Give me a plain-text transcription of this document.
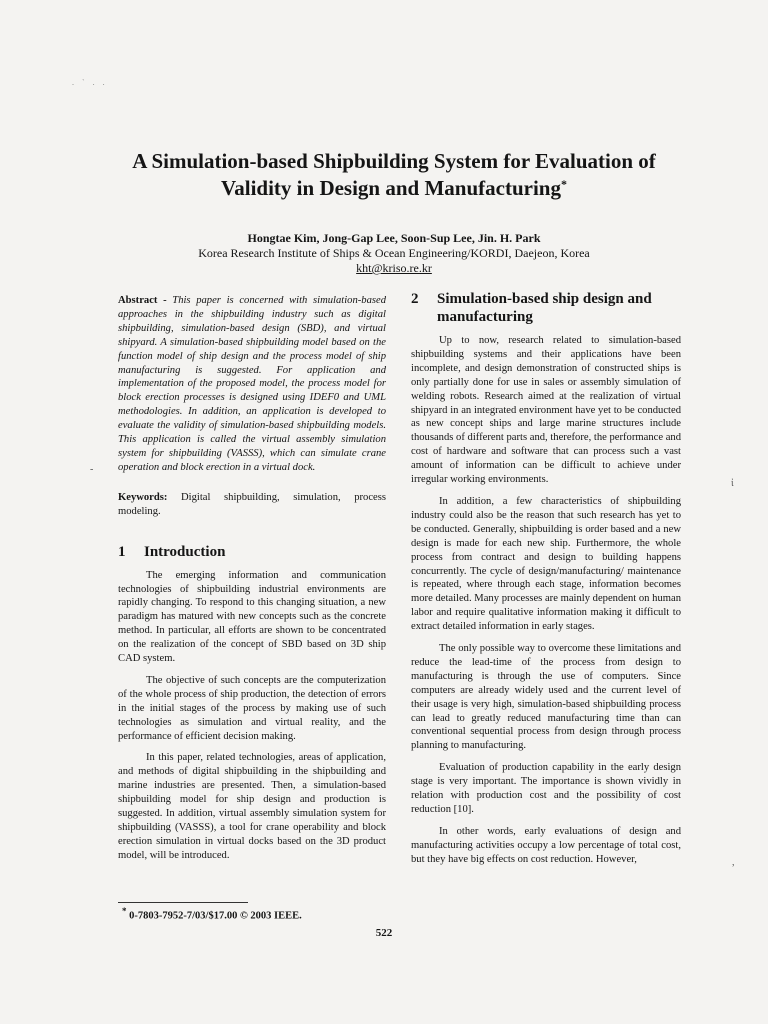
. ` . .
A Simulation-based Shipbuilding System for Evaluation of
Validity in Design and Manufacturing*
Hongtae Kim, Jong-Gap Lee, Soon-Sup Lee, Jin. H. Park
Korea Research Institute of Ships & Ocean Engineering/KORDI, Daejeon, Korea
kht@kriso.re.kr

Abstract - This paper is concerned with simulation-based approaches in the shipbuilding industry such as digital shipbuilding, simulation-based design (SBD), and virtual shipyard. A simulation-based shipbuilding model based on the function model of ship design and the process model of ship manufacturing is suggested. For application and implementation of the proposed model, the process model for block erection processes is designed using IDEF0 and UML methodologies. In addition, an application is developed to evaluate the validity of simulation-based shipbuilding models. This application is called the virtual assembly simulation system for shipbuilding (VASSS), which can simulate crane operation and block erection in a virtual dock.

Keywords: Digital shipbuilding, simulation, process modeling.

1	Introduction

The emerging information and communication technologies of shipbuilding industrial environments are rapidly changing. To respond to this changing situation, a new paradigm has matured with new concepts such as the concrete method. In particular, all efforts are shown to be concentrated on the realization of the concept of SBD based on 3D ship CAD system.

The objective of such concepts are the computerization of the whole process of ship production, the detection of errors in the initial stages of the process by making use of such technologies as simulation and virtual reality, and the performance of efficient decision making.

In this paper, related technologies, areas of application, and methods of digital shipbuilding in the shipbuilding and marine industries are presented. Then, a simulation-based shipbuilding model for ship design and production is suggested. In addition, virtual assembly simulation system for shipbuilding (VASSS), a tool for crane operability and block erection simulation in virtual docks based on the 3D product model, will be introduced.

2	Simulation-based ship design and manufacturing

Up to now, research related to simulation-based shipbuilding systems and their applications have been incomplete, and design demonstration of constructed ships is only partially done for use in sales or assembly simulation of welding robots. Research aimed at the realization of virtual shipyard in an integrated environment have yet to be conducted as new concept ships and large marine structures include thousands of different parts and, therefore, the performance and cost of hardware and software that can process such a vast amount of information can be difficult to achieve under irregular working environments.

In addition, a few characteristics of shipbuilding industry could also be the reason that such research has yet to be conducted. Generally, shipbuilding is order based and a new design is made for each new ship. Furthermore, the whole process from contract and design to building happens concurrently. The cycle of design/manufacturing/ maintenance is repeated, where through each stage, information becomes more detailed. Many processes are mainly dependent on human labor and require qualitative information making it difficult to extract detailed information in early stages.

The only possible way to overcome these limitations and reduce the lead-time of the process from design to manufacturing is through the use of computers. Since computers are already widely used and the current level of their usage is very high, simulation-based shipbuilding process can lead to greatly reduced manufacturing time than can conventional sequential process from design through process planning to manufacturing.

Evaluation of production capability in the early design stage is very important. The importance is shown vividly in relation with production cost and the possibility of cost reduction [10].

In other words, early evaluations of design and manufacturing activities occupy a low percentage of total cost, but they have big effects on cost reduction. However,

-
ἰ
,
* 0-7803-7952-7/03/$17.00 © 2003 IEEE.
522
